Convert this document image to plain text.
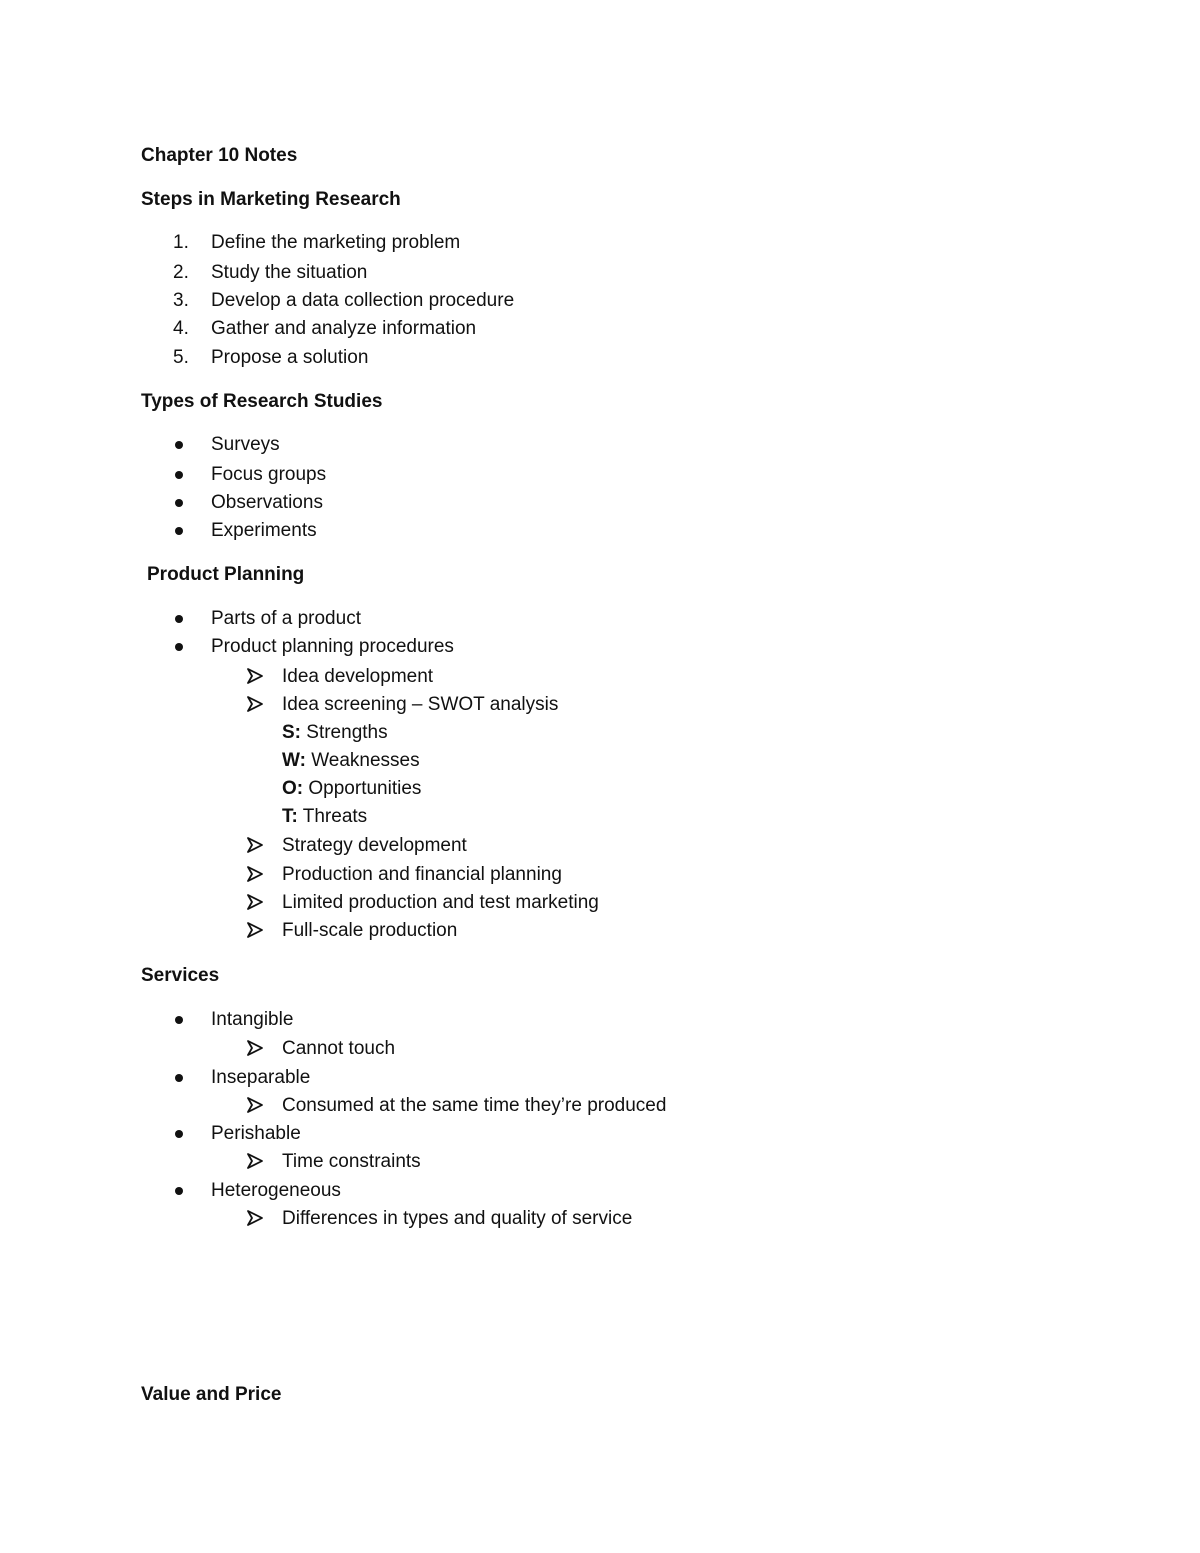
Chapter 10 Notes
Steps in Marketing Research
1. Define the marketing problem
2. Study the situation
3. Develop a data collection procedure
4. Gather and analyze information
5. Propose a solution
Types of Research Studies
Surveys
Focus groups
Observations
Experiments
Product Planning
Parts of a product
Product planning procedures
Idea development
Idea screening – SWOT analysis
S: Strengths
W: Weaknesses
O: Opportunities
T: Threats
Strategy development
Production and financial planning
Limited production and test marketing
Full-scale production
Services
Intangible
Cannot touch
Inseparable
Consumed at the same time they’re produced
Perishable
Time constraints
Heterogeneous
Differences in types and quality of service
Value and Price
